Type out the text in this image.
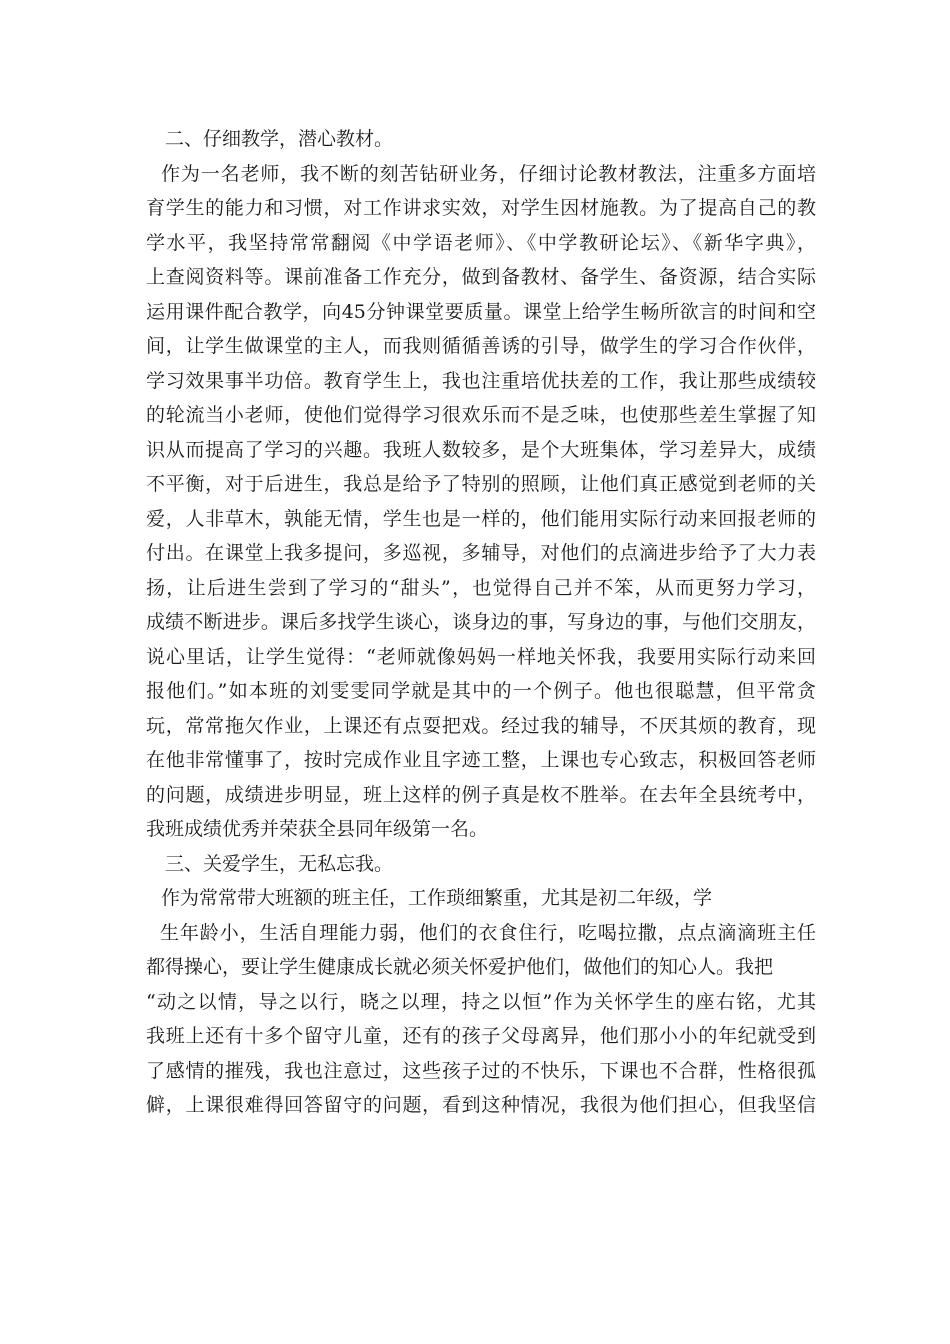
二、仔细教学，潜心教材。
作为一名老师，我不断的刻苦钻研业务，仔细讨论教材教法，注重多方面培
育学生的能力和习惯，对工作讲求实效，对学生因材施教。为了提高自己的教
学水平，我坚持常常翻阅《中学语老师》、《中学教研论坛》、《新华字典》，
上查阅资料等。课前准备工作充分，做到备教材、备学生、备资源，结合实际
运用课件配合教学，向45分钟课堂要质量。课堂上给学生畅所欲言的时间和空
间，让学生做课堂的主人，而我则循循善诱的引导，做学生的学习合作伙伴，
学习效果事半功倍。教育学生上，我也注重培优扶差的工作，我让那些成绩较
的轮流当小老师，使他们觉得学习很欢乐而不是乏味，也使那些差生掌握了知
识从而提高了学习的兴趣。我班人数较多，是个大班集体，学习差异大，成绩
不平衡，对于后进生，我总是给予了特别的照顾，让他们真正感觉到老师的关
爱，人非草木，孰能无情，学生也是一样的，他们能用实际行动来回报老师的
付出。在课堂上我多提问，多巡视，多辅导，对他们的点滴进步给予了大力表
扬，让后进生尝到了学习的“甜头”，也觉得自己并不笨，从而更努力学习，
成绩不断进步。课后多找学生谈心，谈身边的事，写身边的事，与他们交朋友，
说心里话，让学生觉得：“老师就像妈妈一样地关怀我，我要用实际行动来回
报他们。”如本班的刘雯雯同学就是其中的一个例子。他也很聪慧，但平常贪
玩，常常拖欠作业，上课还有点耍把戏。经过我的辅导，不厌其烦的教育，现
在他非常懂事了，按时完成作业且字迹工整，上课也专心致志，积极回答老师
的问题，成绩进步明显，班上这样的例子真是枚不胜举。在去年全县统考中，
我班成绩优秀并荣获全县同年级第一名。
三、关爱学生，无私忘我。
作为常常带大班额的班主任，工作琐细繁重，尤其是初二年级，学
生年龄小，生活自理能力弱，他们的衣食住行，吃喝拉撒，点点滴滴班主任
都得操心，要让学生健康成长就必须关怀爱护他们，做他们的知心人。我把
“动之以情，导之以行，晓之以理，持之以恒”作为关怀学生的座右铭，尤其
我班上还有十多个留守儿童，还有的孩子父母离异，他们那小小的年纪就受到
了感情的摧残，我也注意过，这些孩子过的不快乐，下课也不合群，性格很孤
僻，上课很难得回答留守的问题，看到这种情况，我很为他们担心，但我坚信
